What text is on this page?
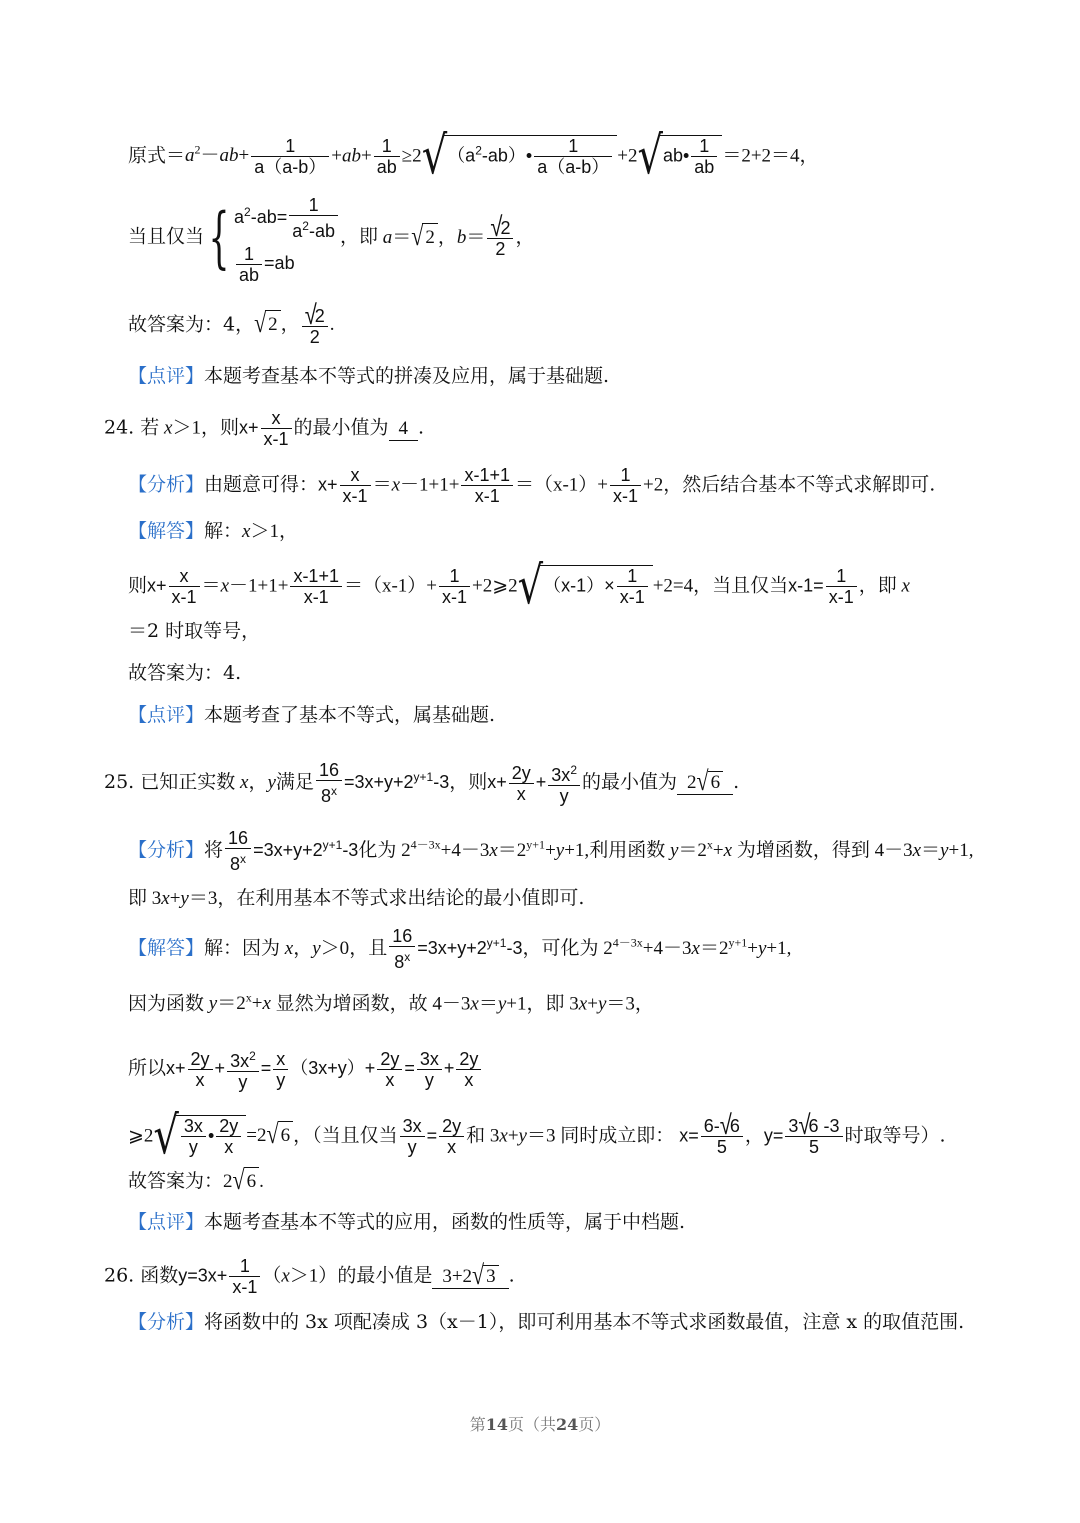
原式$=a^2-ab+ \frac{1}{a(a-b)} +ab+ \frac{1}{ab}$ $\ge 2√(a^2-ab)• \frac{1}{a(a-b)}$ +2√ab• $\frac{1}{ab} =2+2=4$，
当且仅当{ $a^2-ab= \frac{1}{a^2-ab}$
$\frac{1}{ab} =ab$
，即 a＝√ 2 ，$b= \frac{√2}{2}$ ，
故答案为：4，√ 2 ， $\frac{√2}{2}$ .
【点评】本题考查基本不等式的拼凑及应用，属于基础题.
24. 若 x＞1，则$x+ \frac{x}{x-1}$ 的最小值为 4 .
【分析】由题意可得：$x+ \frac{x}{x-1} =x-1+1+ \frac{x-1+1}{x-1} =(x-1)+ \frac{1}{x-1} +2$，然后结合基本不等式求解即可.
【解答】解：x＞1，
则$x+ \frac{x}{x-1} =x-1+1+ \frac{x-1+1}{x-1} =(x-1)+ \frac{1}{x-1}$ +2⩾2√（x-1）× $\frac{1}{x-1} +2=4$，当且仅当$x-1= \frac{1}{x-1}$ ，即 x
＝2 时取等号，
故答案为：4.
【点评】本题考查了基本不等式，属基础题.
25. 已知正实数 x，y满足 $\frac{16}{8^x} =3x+y+2^{y+1}-3$，则$x+ \frac{2y}{x} + \frac{3x^2}{y}$ 的最小值为 2√ 6 .
【分析】将 $\frac{16}{8^x} =3x+y+2^{y+1}-3$化为 $2^{4-3x}+4-3x=2^{y+1}+y+1$,利用函数 $y=2^x+x$ 为增函数，得到 4－3x＝y+1,
即 3x+y＝3，在利用基本不等式求出结论的最小值即可.
【解答】解：因为 x，y＞0，且 $\frac{16}{8^x} =3x+y+2^{y+1}-3$，可化为 $2^{4-3x}+4-3x=2^{y+1}+y+1$,
因为函数 $y=2^x+x$ 显然为增函数，故 4－3x＝y+1，即 3x+y＝3，
所以$x+ \frac{2y}{x} + \frac{3x^2}{y} = \frac{x}{y} (3x+y)+ \frac{2y}{x} = \frac{3x}{y} + \frac{2y}{x}$
⩾2√ $\frac{3x}{y}$ • $\frac{2y}{x} =2√$ 6 ，（当且仅当 $\frac{3x}{y} = \frac{2y}{x}$ 和 3x+y＝3 同时成立即： $x= \frac{6-√6}{5}$ ，$y= \frac{3√6 -3}{5}$ 时取等号）.
故答案为：2√ 6 .
【点评】本题考查基本不等式的应用，函数的性质等，属于中档题.
26. 函数$y=3x+ \frac{1}{x-1} (x>1)$的最小值是 3+2√ 3 .
【分析】将函数中的 3x 项配凑成 3（x－1），即可利用基本不等式求函数最值，注意 x 的取值范围.
第14页（共24页）
